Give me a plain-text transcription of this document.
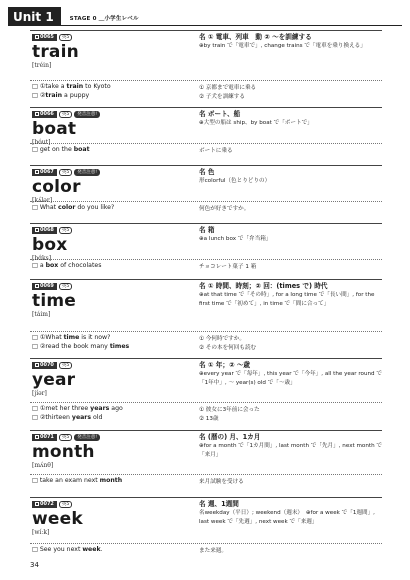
Unit 1	STAGE 0 ＿小学生レベル
0065	英5
train
[tréin]
名 ① 電車、列車　動 ② ～を訓練する
⊕by train で「電車で」, change trains で「電車を乗り換える」
□ ①take a train to Kyoto
□ ②train a puppy
① 京都まで電車に乗る
② 子犬を訓練する
0066	英5	発音注意!
boat
[bóut]
名 ボート、船
⊕大型の船は ship、by boat で「ボートで」
□ get on the boat	ボートに乗る
0067	英5	発音注意!
color
[kʌ́lər]
名 色
形colorful（色とりどりの）
□ What color do you like?	何色が好きですか。
0068	英5
box
[bɑ́ks]
名 箱
⊕a lunch box で「弁当箱」
□ a box of chocolates	チョコレート菓子 1 箱
0069	英5
time
[táim]
名 ① 時間、時刻；② 回：(times で) 時代
⊕at that time で「その時」, for a long time で「長い間」, for the first time で「初めて」, in time で「間に合って」
□ ①What time is it now?
□ ②read the book many times
① 今何時ですか。
② その本を何回も読む
0070	英5
year
[jíər]
名 ① 年；② ～歳
⊕every year で「毎年」, this year で「今年」, all the year round で「1年中」, ～ year(s) old で「～歳」
□ ①met her three years ago
□ ②thirteen years old
① 彼女に3年前に会った
② 13歳
0071	英5	発音注意!
month
[mʌ́nθ]
名 (暦の) 月、1カ月
⊕for a month で「1カ月間」, last month で「先月」, next month で「来月」
□ take an exam next month	来月試験を受ける
0072	英5
week
[wíːk]
名 週、1週間
名weekday（平日）; weekend（週末）　⊕for a week で「1週間」, last week で「先週」, next week で「来週」
□ See you next week.	また来週。
34
